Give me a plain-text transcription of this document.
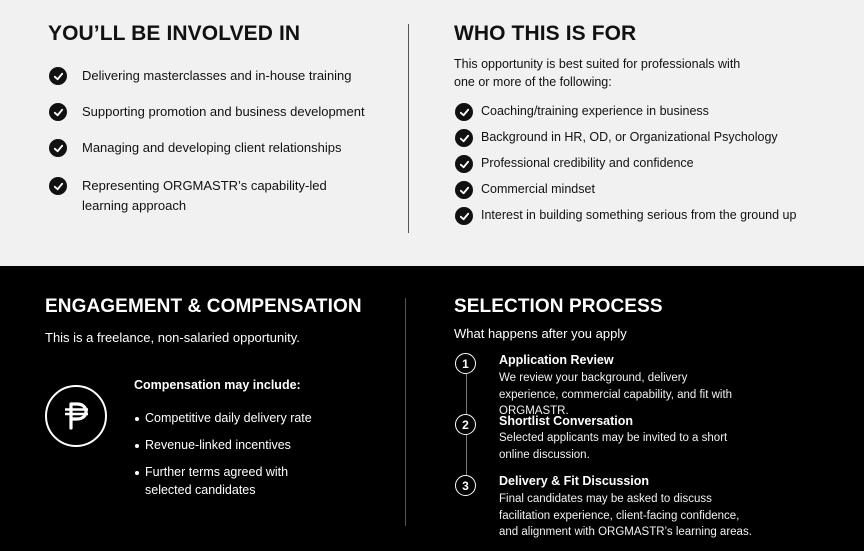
YOU’LL BE INVOLVED IN
Delivering masterclasses and in-house training
Supporting promotion and business development
Managing and developing client relationships
Representing ORGMASTR’s capability-led learning approach
WHO THIS IS FOR
This opportunity is best suited for professionals with one or more of the following:
Coaching/training experience in business
Background in HR, OD, or Organizational Psychology
Professional credibility and confidence
Commercial mindset
Interest in building something serious from the ground up
ENGAGEMENT & COMPENSATION
This is a freelance, non-salaried opportunity.
Compensation may include:
Competitive daily delivery rate
Revenue-linked incentives
Further terms agreed with selected candidates
SELECTION PROCESS
What happens after you apply
1	Application Review
We review your background, delivery experience, commercial capability, and fit with ORGMASTR.
2	Shortlist Conversation
Selected applicants may be invited to a short online discussion.
3	Delivery & Fit Discussion
Final candidates may be asked to discuss facilitation experience, client-facing confidence, and alignment with ORGMASTR’s learning areas.
